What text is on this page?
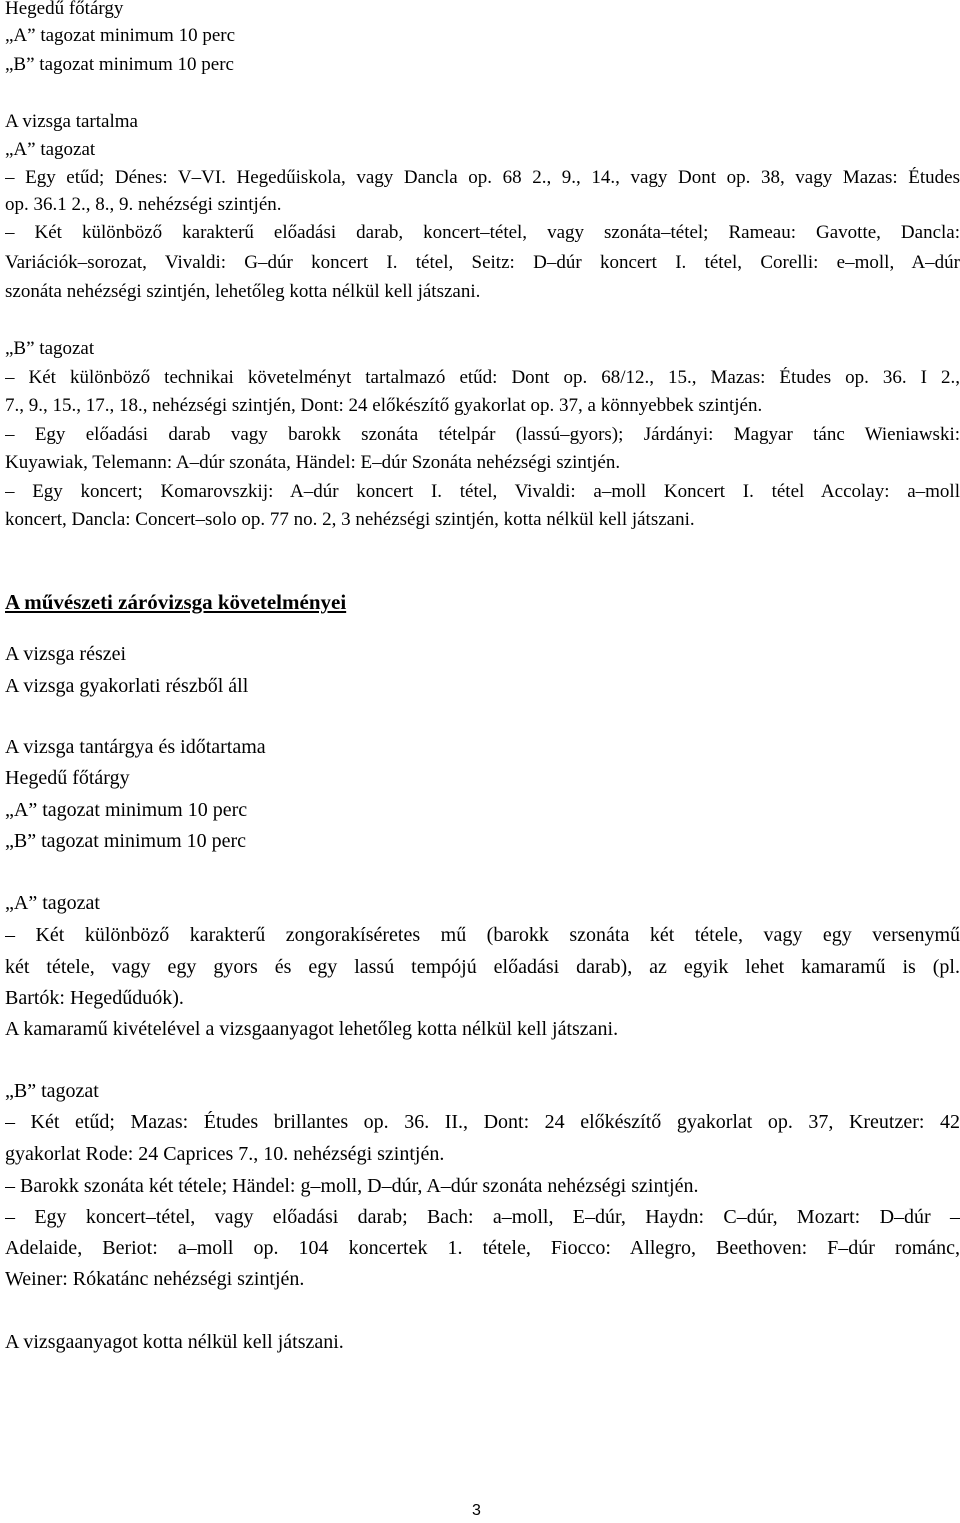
Hegedű főtárgy
„A” tagozat minimum 10 perc
„B” tagozat minimum 10 perc
A vizsga tartalma
„A” tagozat
– Egy etűd; Dénes: V–VI. Hegedűiskola, vagy Dancla op. 68 2., 9., 14., vagy Dont op. 38, vagy Mazas: Études
op. 36.1 2., 8., 9. nehézségi szintjén.
– Két különböző karakterű előadási darab, koncert–tétel, vagy szonáta–tétel; Rameau: Gavotte, Dancla:
Variációk–sorozat, Vivaldi: G–dúr koncert I. tétel, Seitz: D–dúr koncert I. tétel, Corelli: e–moll, A–dúr
szonáta nehézségi szintjén, lehetőleg kotta nélkül kell játszani.
„B” tagozat
– Két különböző technikai követelményt tartalmazó etűd: Dont op. 68/12., 15., Mazas: Études op. 36. I 2.,
7., 9., 15., 17., 18., nehézségi szintjén, Dont: 24 előkészítő gyakorlat op. 37, a könnyebbek szintjén.
– Egy előadási darab vagy barokk szonáta tételpár (lassú–gyors); Járdányi: Magyar tánc Wieniawski:
Kuyawiak, Telemann: A–dúr szonáta, Händel: E–dúr Szonáta nehézségi szintjén.
– Egy koncert; Komarovszkij: A–dúr koncert I. tétel, Vivaldi: a–moll Koncert I. tétel Accolay: a–moll
koncert, Dancla: Concert–solo op. 77 no. 2, 3 nehézségi szintjén, kotta nélkül kell játszani.
A művészeti záróvizsga követelményei
A vizsga részei
A vizsga gyakorlati részből áll
A vizsga tantárgya és időtartama
Hegedű főtárgy
„A” tagozat minimum 10 perc
„B” tagozat minimum 10 perc
„A” tagozat
– Két különböző karakterű zongorakíséretes mű (barokk szonáta két tétele, vagy egy versenymű
két tétele, vagy egy gyors és egy lassú tempójú előadási darab), az egyik lehet kamaramű is (pl.
Bartók: Hegedűduók).
A kamaramű kivételével a vizsgaanyagot lehetőleg kotta nélkül kell játszani.
„B” tagozat
– Két etűd; Mazas: Études brillantes op. 36. II., Dont: 24 előkészítő gyakorlat op. 37, Kreutzer: 42
gyakorlat Rode: 24 Caprices 7., 10. nehézségi szintjén.
– Barokk szonáta két tétele; Händel: g–moll, D–dúr, A–dúr szonáta nehézségi szintjén.
– Egy koncert–tétel, vagy előadási darab; Bach: a–moll, E–dúr, Haydn: C–dúr, Mozart: D–dúr –
Adelaide, Beriot: a–moll op. 104 koncertek 1. tétele, Fiocco: Allegro, Beethoven: F–dúr románc,
Weiner: Rókatánc nehézségi szintjén.
A vizsgaanyagot kotta nélkül kell játszani.
3
